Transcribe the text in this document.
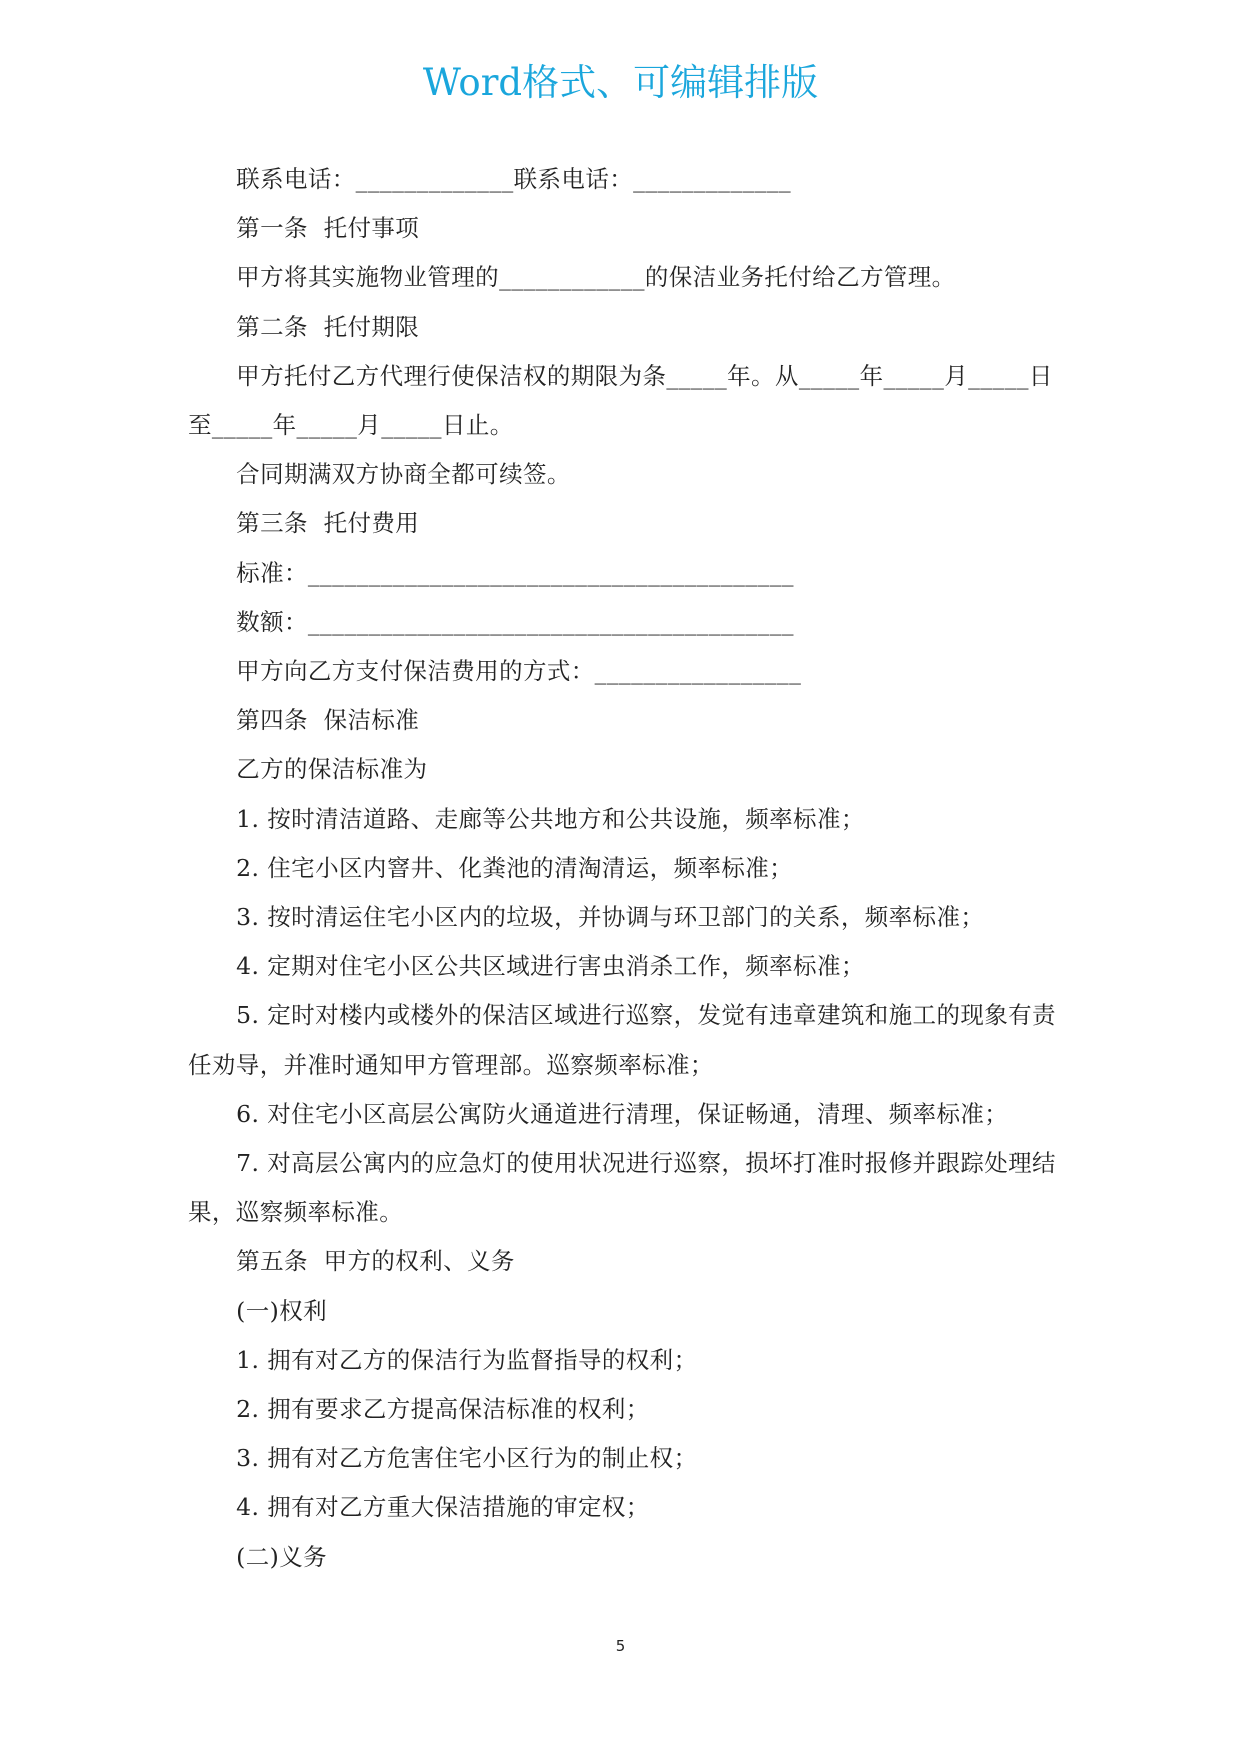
Word格式、可编辑排版

联系电话：_____________联系电话：_____________

第一条  托付事项

甲方将其实施物业管理的____________的保洁业务托付给乙方管理。

第二条  托付期限

甲方托付乙方代理行使保洁权的期限为条_____年。从_____年_____月_____日至_____年_____月_____日止。

合同期满双方协商全都可续签。

第三条  托付费用

标准：________________________________________

数额：________________________________________

甲方向乙方支付保洁费用的方式：_________________

第四条  保洁标准

乙方的保洁标准为

1. 按时清洁道路、走廊等公共地方和公共设施，频率标准；

2. 住宅小区内窨井、化粪池的清淘清运，频率标准；

3. 按时清运住宅小区内的垃圾，并协调与环卫部门的关系，频率标准；

4. 定期对住宅小区公共区域进行害虫消杀工作，频率标准；

5. 定时对楼内或楼外的保洁区域进行巡察，发觉有违章建筑和施工的现象有责任劝导，并准时通知甲方管理部。巡察频率标准；

6. 对住宅小区高层公寓防火通道进行清理，保证畅通，清理、频率标准；

7. 对高层公寓内的应急灯的使用状况进行巡察，损坏打准时报修并跟踪处理结果，巡察频率标准。

第五条  甲方的权利、义务

(一)权利

1. 拥有对乙方的保洁行为监督指导的权利；

2. 拥有要求乙方提高保洁标准的权利；

3. 拥有对乙方危害住宅小区行为的制止权；

4. 拥有对乙方重大保洁措施的审定权；

(二)义务

5
